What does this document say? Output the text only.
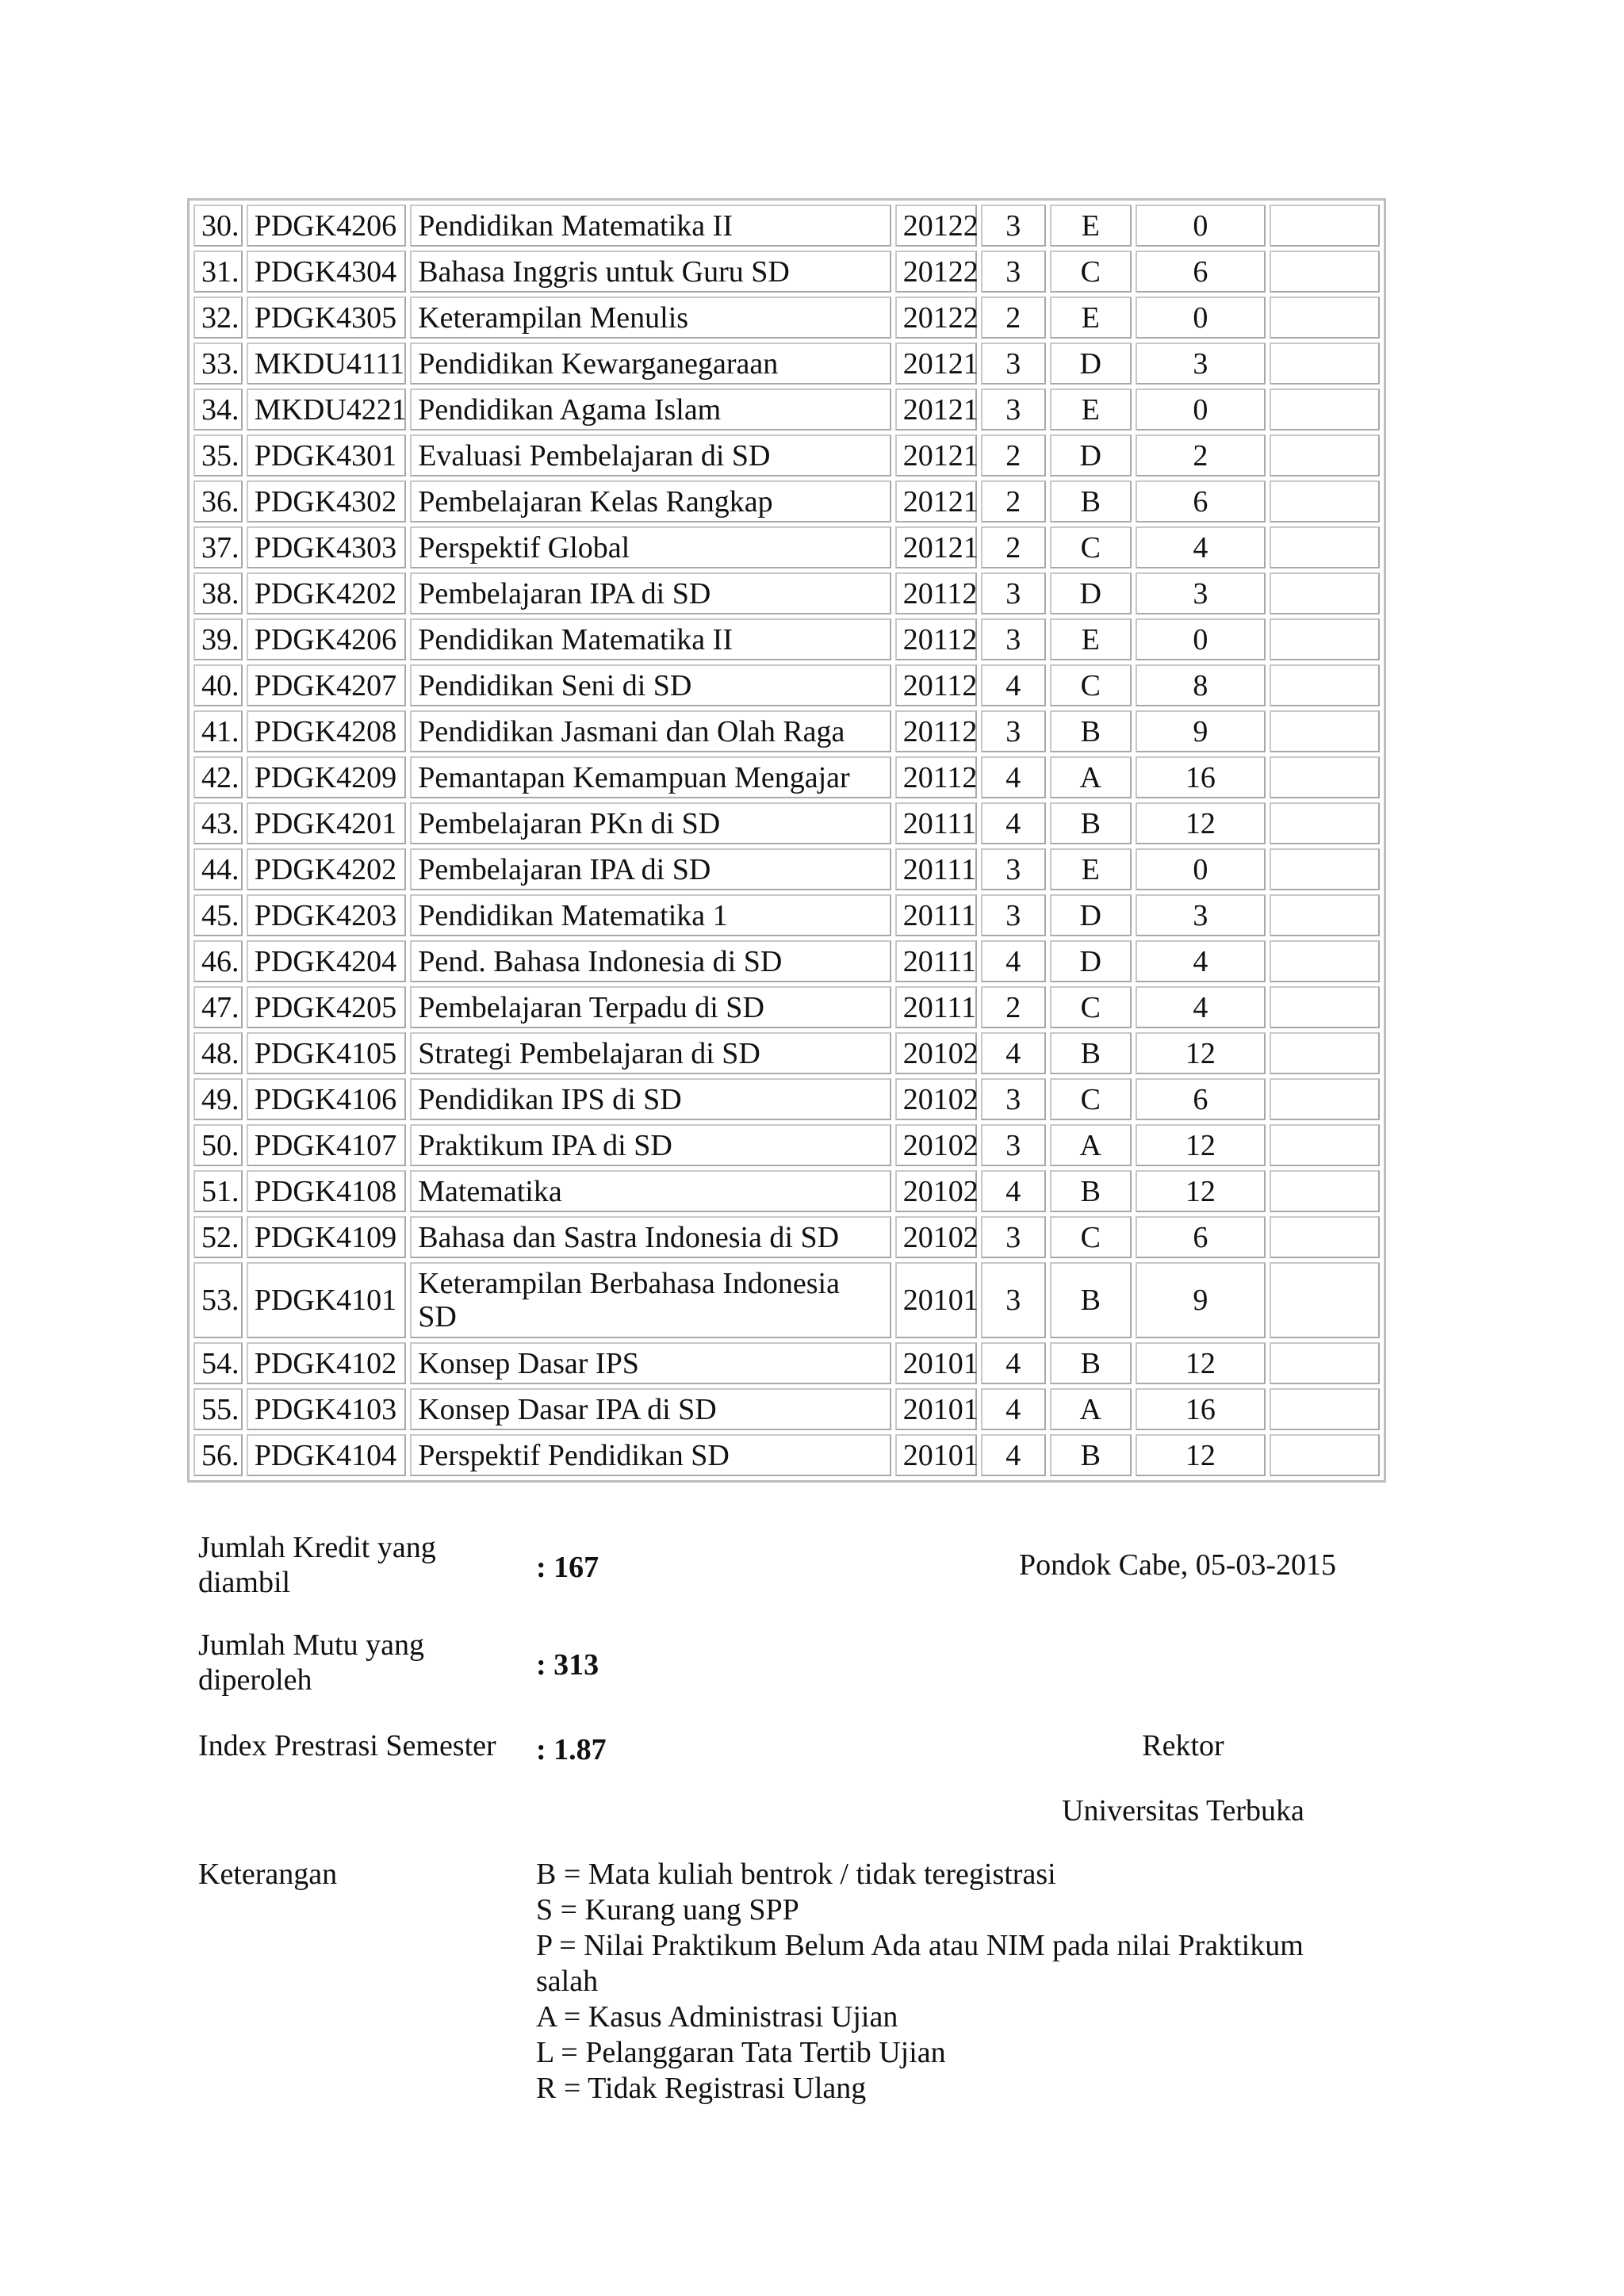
30.	PDGK4206	Pendidikan Matematika II	20122	3	E	0	
31.	PDGK4304	Bahasa Inggris untuk Guru SD	20122	3	C	6	
32.	PDGK4305	Keterampilan Menulis	20122	2	E	0	
33.	MKDU4111	Pendidikan Kewarganegaraan	20121	3	D	3	
34.	MKDU4221	Pendidikan Agama Islam	20121	3	E	0	
35.	PDGK4301	Evaluasi Pembelajaran di SD	20121	2	D	2	
36.	PDGK4302	Pembelajaran Kelas Rangkap	20121	2	B	6	
37.	PDGK4303	Perspektif Global	20121	2	C	4	
38.	PDGK4202	Pembelajaran IPA di SD	20112	3	D	3	
39.	PDGK4206	Pendidikan Matematika II	20112	3	E	0	
40.	PDGK4207	Pendidikan Seni di SD	20112	4	C	8	
41.	PDGK4208	Pendidikan Jasmani dan Olah Raga	20112	3	B	9	
42.	PDGK4209	Pemantapan Kemampuan Mengajar	20112	4	A	16	
43.	PDGK4201	Pembelajaran PKn di SD	20111	4	B	12	
44.	PDGK4202	Pembelajaran IPA di SD	20111	3	E	0	
45.	PDGK4203	Pendidikan Matematika 1	20111	3	D	3	
46.	PDGK4204	Pend. Bahasa Indonesia di SD	20111	4	D	4	
47.	PDGK4205	Pembelajaran Terpadu di SD	20111	2	C	4	
48.	PDGK4105	Strategi Pembelajaran di SD	20102	4	B	12	
49.	PDGK4106	Pendidikan IPS di SD	20102	3	C	6	
50.	PDGK4107	Praktikum IPA di SD	20102	3	A	12	
51.	PDGK4108	Matematika	20102	4	B	12	
52.	PDGK4109	Bahasa dan Sastra Indonesia di SD	20102	3	C	6	
53.	PDGK4101	Keterampilan Berbahasa Indonesia SD	20101	3	B	9	
54.	PDGK4102	Konsep Dasar IPS	20101	4	B	12	
55.	PDGK4103	Konsep Dasar IPA di SD	20101	4	A	16	
56.	PDGK4104	Perspektif Pendidikan SD	20101	4	B	12	
Jumlah Kredit yang diambil	: 167	Pondok Cabe, 05-03-2015
Jumlah Mutu yang diperoleh	: 313
Index Prestrasi Semester : 1.87	Rektor
Universitas Terbuka
Keterangan	B = Mata kuliah bentrok / tidak teregistrasi
S = Kurang uang SPP
P = Nilai Praktikum Belum Ada atau NIM pada nilai Praktikum salah
A = Kasus Administrasi Ujian
L = Pelanggaran Tata Tertib Ujian
R = Tidak Registrasi Ulang
